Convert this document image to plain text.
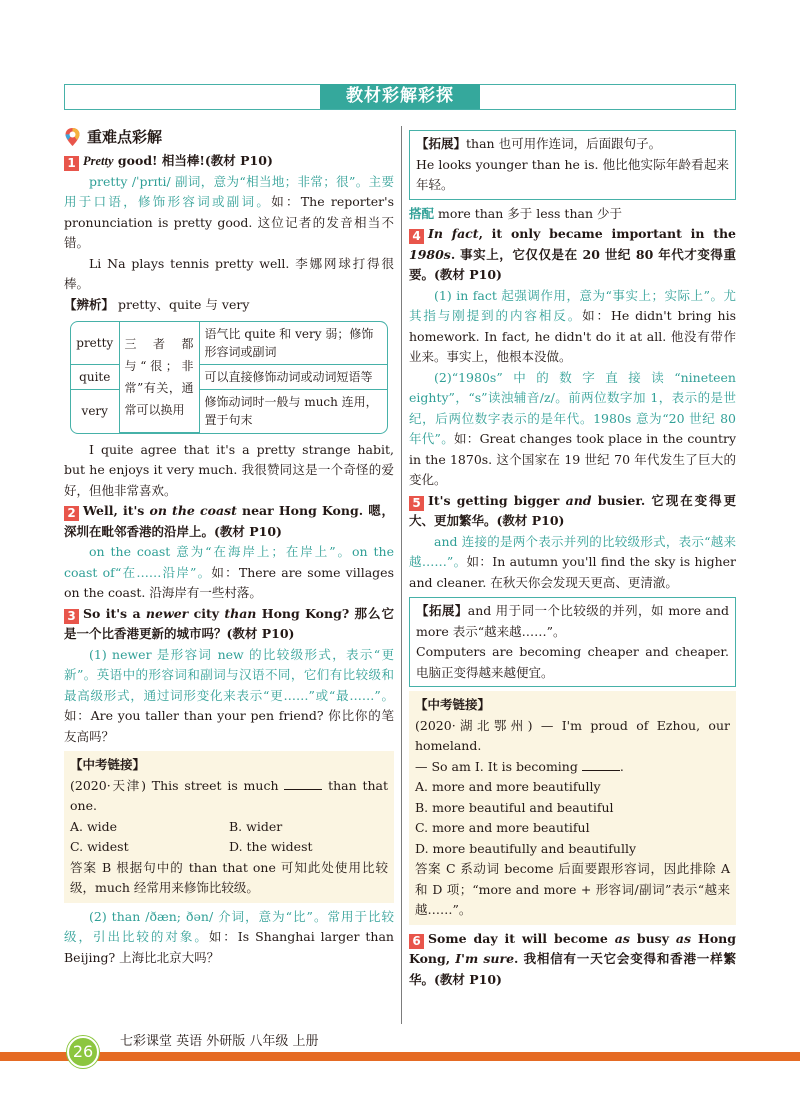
教材彩解彩探
重难点彩解
1 Pretty good! 相当棒!(教材 P10)

pretty /ˈprɪti/ 副词，意为“相当地；非常；很”。主要用于口语，修饰形容词或副词。如：The reporter's pronunciation is pretty good. 这位记者的发音相当不错。

Li Na plays tennis pretty well. 李娜网球打得很棒。

【辨析】 pretty、quite 与 very
pretty	三者都与“很；非常”有关，通常可以换用	语气比 quite 和 very 弱；修饰形容词或副词
quite		可以直接修饰动词或动词短语等
very		修饰动词时一般与 much 连用，置于句末

I quite agree that it's a pretty strange habit, but he enjoys it very much. 我很赞同这是一个奇怪的爱好，但他非常喜欢。

2 Well, it's on the coast near Hong Kong. 嗯，深圳在毗邻香港的沿岸上。(教材 P10)

on the coast 意为“在海岸上；在岸上”。on the coast of“在……沿岸”。如：There are some villages on the coast. 沿海岸有一些村落。

3 So it's a newer city than Hong Kong? 那么它是一个比香港更新的城市吗？(教材 P10)

(1) newer 是形容词 new 的比较级形式，表示“更新”。英语中的形容词和副词与汉语不同，它们有比较级和最高级形式，通过词形变化来表示“更……”或“最……”。如：Are you taller than your pen friend? 你比你的笔友高吗？

【中考链接】
(2020·天津) This street is much	than that one.
A. wide	B. wider
C. widest	D. the widest
答案 B 根据句中的 than that one 可知此处使用比较级，much 经常用来修饰比较级。

(2) than /ðæn; ðən/ 介词，意为“比”。常用于比较级，引出比较的对象。如：Is Shanghai larger than Beijing? 上海比北京大吗？

【拓展】than 也可用作连词，后面跟句子。
He looks younger than he is. 他比他实际年龄看起来年轻。
搭配 more than 多于 less than 少于
4 In fact, it only became important in the 1980s. 事实上，它仅仅是在 20 世纪 80 年代才变得重要。(教材 P10)

(1) in fact 起强调作用，意为“事实上；实际上”。尤其指与刚提到的内容相反。如：He didn't bring his homework. In fact, he didn't do it at all. 他没有带作业来。事实上，他根本没做。

(2)“1980s”中的数字直接读“nineteen eighty”，“s”读浊辅音/z/。前两位数字加 1，表示的是世纪，后两位数字表示的是年代。1980s 意为“20 世纪 80 年代”。如：Great changes took place in the country in the 1870s. 这个国家在 19 世纪 70 年代发生了巨大的变化。

5 It's getting bigger and busier. 它现在变得更大、更加繁华。(教材 P10)

and 连接的是两个表示并列的比较级形式，表示“越来越……”。如：In autumn you'll find the sky is higher and cleaner. 在秋天你会发现天更高、更清澈。

【拓展】and 用于同一个比较级的并列，如 more and more 表示“越来越……”。
Computers are becoming cheaper and cheaper. 电脑正变得越来越便宜。
【中考链接】
(2020·湖北鄂州) — I'm proud of Ezhou, our homeland.
— So am I. It is becoming	.
A. more and more beautifully
B. more beautiful and beautiful
C. more and more beautiful
D. more beautifully and beautifully
答案 C 系动词 become 后面要跟形容词，因此排除 A 和 D 项；“more and more + 形容词/副词”表示“越来越……”。
6 Some day it will become as busy as Hong Kong, I'm sure. 我相信有一天它会变得和香港一样繁华。(教材 P10)
26
七彩课堂 英语 外研版 八年级 上册
